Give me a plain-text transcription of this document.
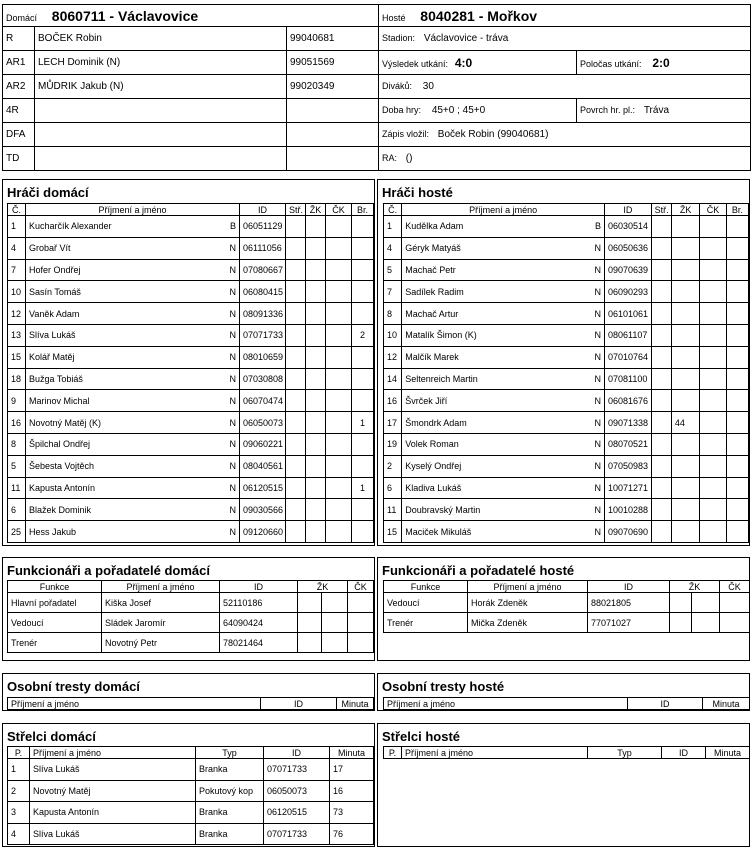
Domácí 8060711 - Václavovice	Hosté 8040281 - Mořkov
R	BOČEK Robin	99040681
AR1	LECH Dominik (N)	99051569
AR2	MŮDRIK Jakub (N)	99020349
4R		
DFA		
TD		
Stadion: Václavovice - tráva	
Výsledek utkání: 4:0	Poločas utkání: 2:0
Diváků: 30	
Doba hry: 45+0 ; 45+0	Povrch hr. pl.: Tráva
Zápis vložil: Boček Robin (99040681)	
RA: ()	
Hráči domácí
Č.	Příjmení a jméno		ID	Stř.	ŽK	ČK	Br.
1	Kucharčík Alexander	B	06051129				
4	Grobař Vít	N	06111056				
7	Hofer Ondřej	N	07080667				
10	Sasín Tomáš	N	06080415				
12	Vaněk Adam	N	08091336				
13	Slíva Lukáš	N	07071733				2
15	Kolář Matěj	N	08010659				
18	Bužga Tobiáš	N	07030808				
9	Marinov Michal	N	06070474				
16	Novotný Matěj (K)	N	06050073				1
8	Špilchal Ondřej	N	09060221				
5	Šebesta Vojtěch	N	08040561				
11	Kapusta Antonín	N	06120515				1
6	Blažek Dominik	N	09030566				
25	Hess Jakub	N	09120660				
Hráči hosté
Č.	Příjmení a jméno		ID	Stř.	ŽK	ČK	Br.
1	Kudělka Adam	B	06030514				
4	Géryk Matyáš	N	06050636				
5	Machač Petr	N	09070639				
7	Sadílek Radim	N	06090293				
8	Machač Artur	N	06101061				
10	Matalík Šimon (K)	N	08061107				
12	Malčík Marek	N	07010764				
14	Seltenreich Martin	N	07081100				
16	Švrček Jiří	N	06081676				
17	Šmondrk Adam	N	09071338		44		
19	Volek Roman	N	08070521				
2	Kyselý Ondřej	N	07050983				
6	Kladiva Lukáš	N	10071271				
11	Doubravský Martin	N	10010288				
15	Maciček Mikuláš	N	09070690				
Funkcionáři a pořadatelé domácí
Funkce	Příjmení a jméno	ID	ŽK		ČK
Hlavní pořadatel	Kiška Josef	52110186			
Vedoucí	Sládek Jaromír	64090424			
Trenér	Novotný Petr	78021464			
Funkcionáři a pořadatelé hosté
Funkce	Příjmení a jméno	ID	ŽK		ČK
Vedoucí	Horák Zdeněk	88021805			
Trenér	Mička Zdeněk	77071027			
Osobní tresty domácí
Příjmení a jméno	ID	Minuta
Osobní tresty hosté
Příjmení a jméno	ID	Minuta
Střelci domácí
P.	Příjmení a jméno	Typ	ID	Minuta
1	Slíva Lukáš	Branka	07071733	17
2	Novotný Matěj	Pokutový kop	06050073	16
3	Kapusta Antonín	Branka	06120515	73
4	Slíva Lukáš	Branka	07071733	76
Střelci hosté
P.	Příjmení a jméno	Typ	ID	Minuta
